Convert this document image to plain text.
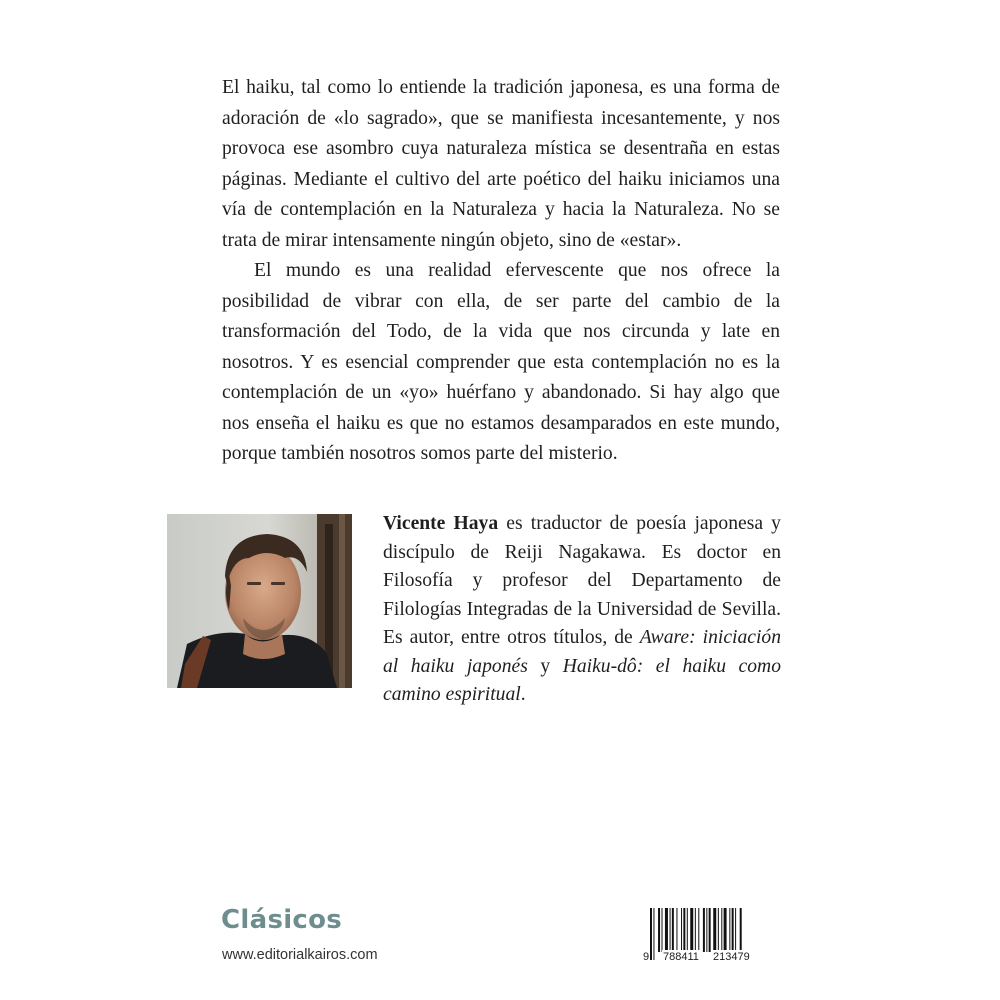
El haiku, tal como lo entiende la tradición japonesa, es una forma de adoración de «lo sagrado», que se manifiesta incesantemente, y nos provoca ese asombro cuya naturaleza mística se desentraña en estas páginas. Mediante el cultivo del arte poético del haiku iniciamos una vía de contemplación en la Naturaleza y hacia la Naturaleza. No se trata de mirar intensamente ningún objeto, sino de «estar».

El mundo es una realidad efervescente que nos ofrece la posibilidad de vibrar con ella, de ser parte del cambio de la transformación del Todo, de la vida que nos circunda y late en nosotros. Y es esencial comprender que esta contemplación no es la contemplación de un «yo» huérfano y abandonado. Si hay algo que nos enseña el haiku es que no estamos desamparados en este mundo, porque también nosotros somos parte del misterio.

Vicente Haya es traductor de poesía japonesa y discípulo de Reiji Nagakawa. Es doctor en Filosofía y profesor del Departamento de Filologías Integradas de la Universidad de Sevilla. Es autor, entre otros títulos, de Aware: iniciación al haiku japonés y Haiku-dô: el haiku como camino espiritual.

Clásicos
www.editorialkairos.com	9 788411 213479
